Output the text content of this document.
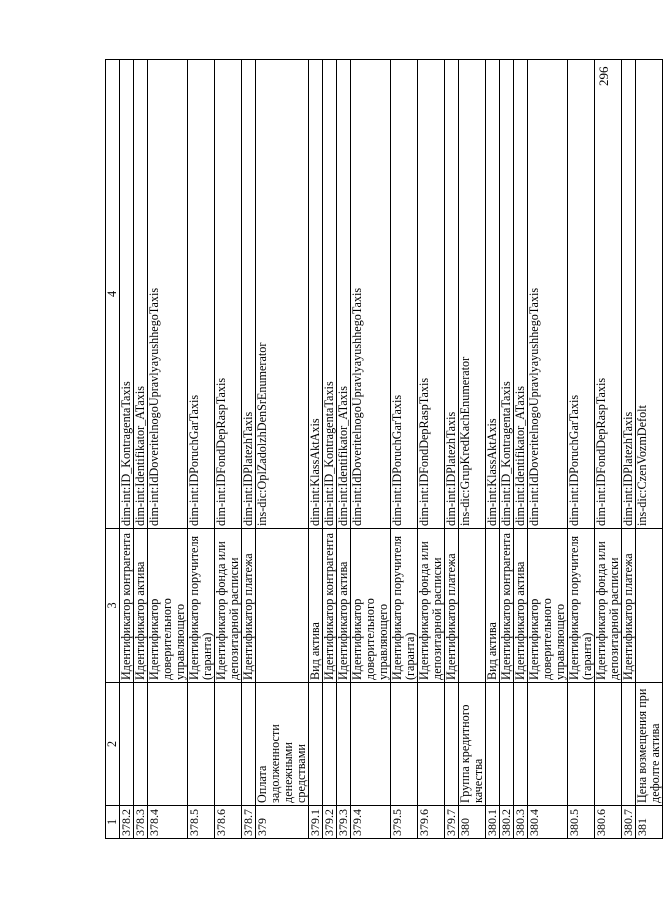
296
1	2	3	4
378.2		Идентификатор контрагента	dim-int:ID_KontragentaTaxis
378.3		Идентификатор актива	dim-int:Identifikator_ATaxis
378.4		Идентификатор доверительного управляющего	dim-int:IdDoveritelnogoUpravlyayushhegoTaxis
378.5		Идентификатор поручителя (гаранта)	dim-int:IDPoruchGarTaxis
378.6		Идентификатор фонда или депозитарной расписки	dim-int:IDFondDepRaspTaxis
378.7		Идентификатор платежа	dim-int:IDPlatezhTaxis
379	Оплата задолженности денежными средствами		ins-dic:OplZadolzhDenSrEnumerator
379.1		Вид актива	dim-int:KlassAktAxis
379.2		Идентификатор контрагента	dim-int:ID_KontragentaTaxis
379.3		Идентификатор актива	dim-int:Identifikator_ATaxis
379.4		Идентификатор доверительного управляющего	dim-int:IdDoveritelnogoUpravlyayushhegoTaxis
379.5		Идентификатор поручителя (гаранта)	dim-int:IDPoruchGarTaxis
379.6		Идентификатор фонда или депозитарной расписки	dim-int:IDFondDepRaspTaxis
379.7		Идентификатор платежа	dim-int:IDPlatezhTaxis
380	Группа кредитного качества		ins-dic:GrupKredKachEnumerator
380.1		Вид актива	dim-int:KlassAktAxis
380.2		Идентификатор контрагента	dim-int:ID_KontragentaTaxis
380.3		Идентификатор актива	dim-int:Identifikator_ATaxis
380.4		Идентификатор доверительного управляющего	dim-int:IdDoveritelnogoUpravlyayushhegoTaxis
380.5		Идентификатор поручителя (гаранта)	dim-int:IDPoruchGarTaxis
380.6		Идентификатор фонда или депозитарной расписки	dim-int:IDFondDepRaspTaxis
380.7		Идентификатор платежа	dim-int:IDPlatezhTaxis
381	Цена возмещения при дефолте актива		ins-dic:CzenVozmDefolt
